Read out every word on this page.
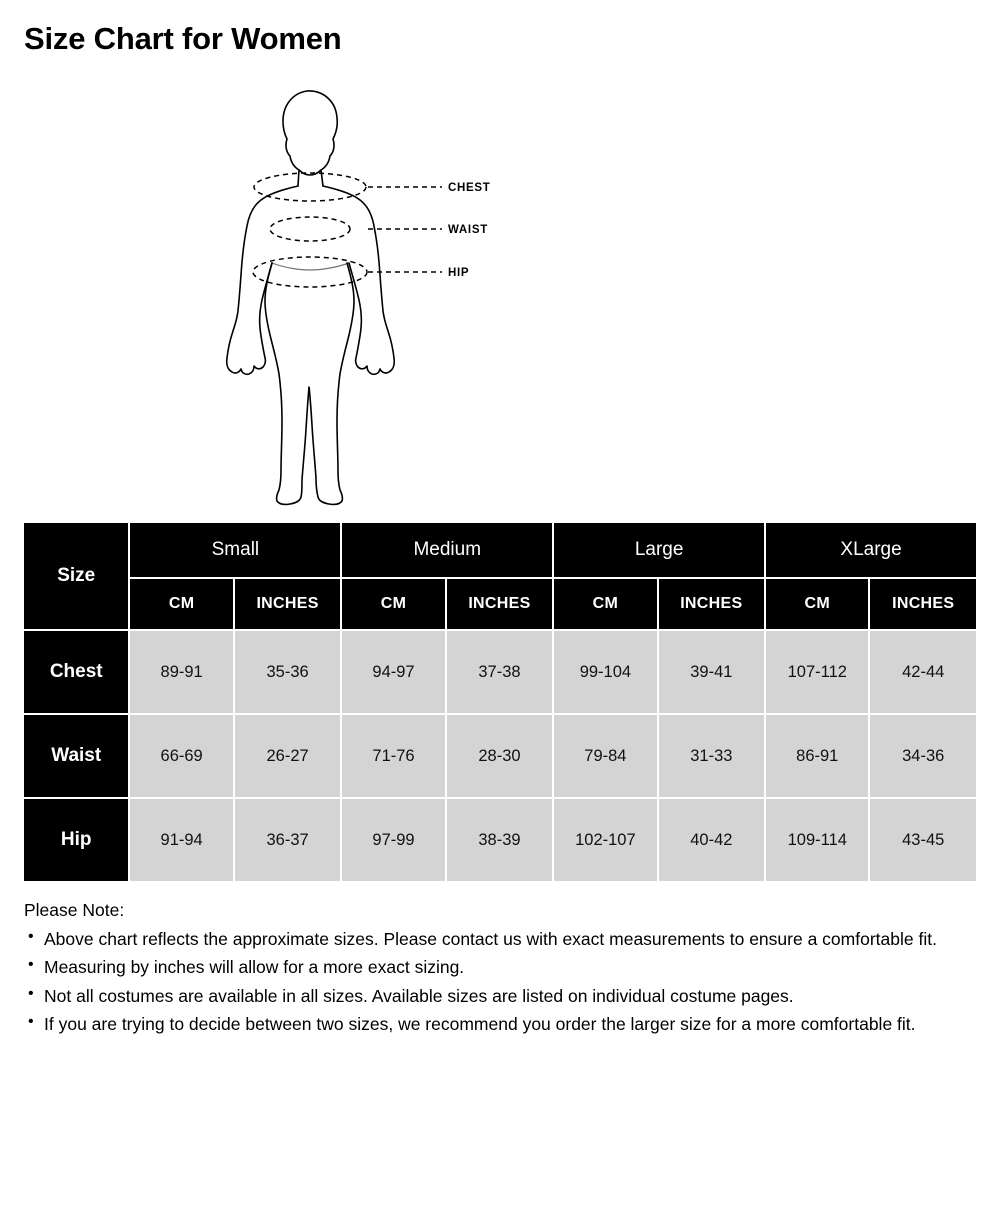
Size Chart for Women
CHEST
WAIST
HIP
Size	Small		Medium		Large		XLarge	
	CM	INCHES	CM	INCHES	CM	INCHES	CM	INCHES
Chest	89-91	35-36	94-97	37-38	99-104	39-41	107-112	42-44
Waist	66-69	26-27	71-76	28-30	79-84	31-33	86-91	34-36
Hip	91-94	36-37	97-99	38-39	102-107	40-42	109-114	43-45
Please Note:
• Above chart reflects the approximate sizes. Please contact us with exact measurements to ensure a comfortable fit.
• Measuring by inches will allow for a more exact sizing.
• Not all costumes are available in all sizes. Available sizes are listed on individual costume pages.
• If you are trying to decide between two sizes, we recommend you order the larger size for a more comfortable fit.
